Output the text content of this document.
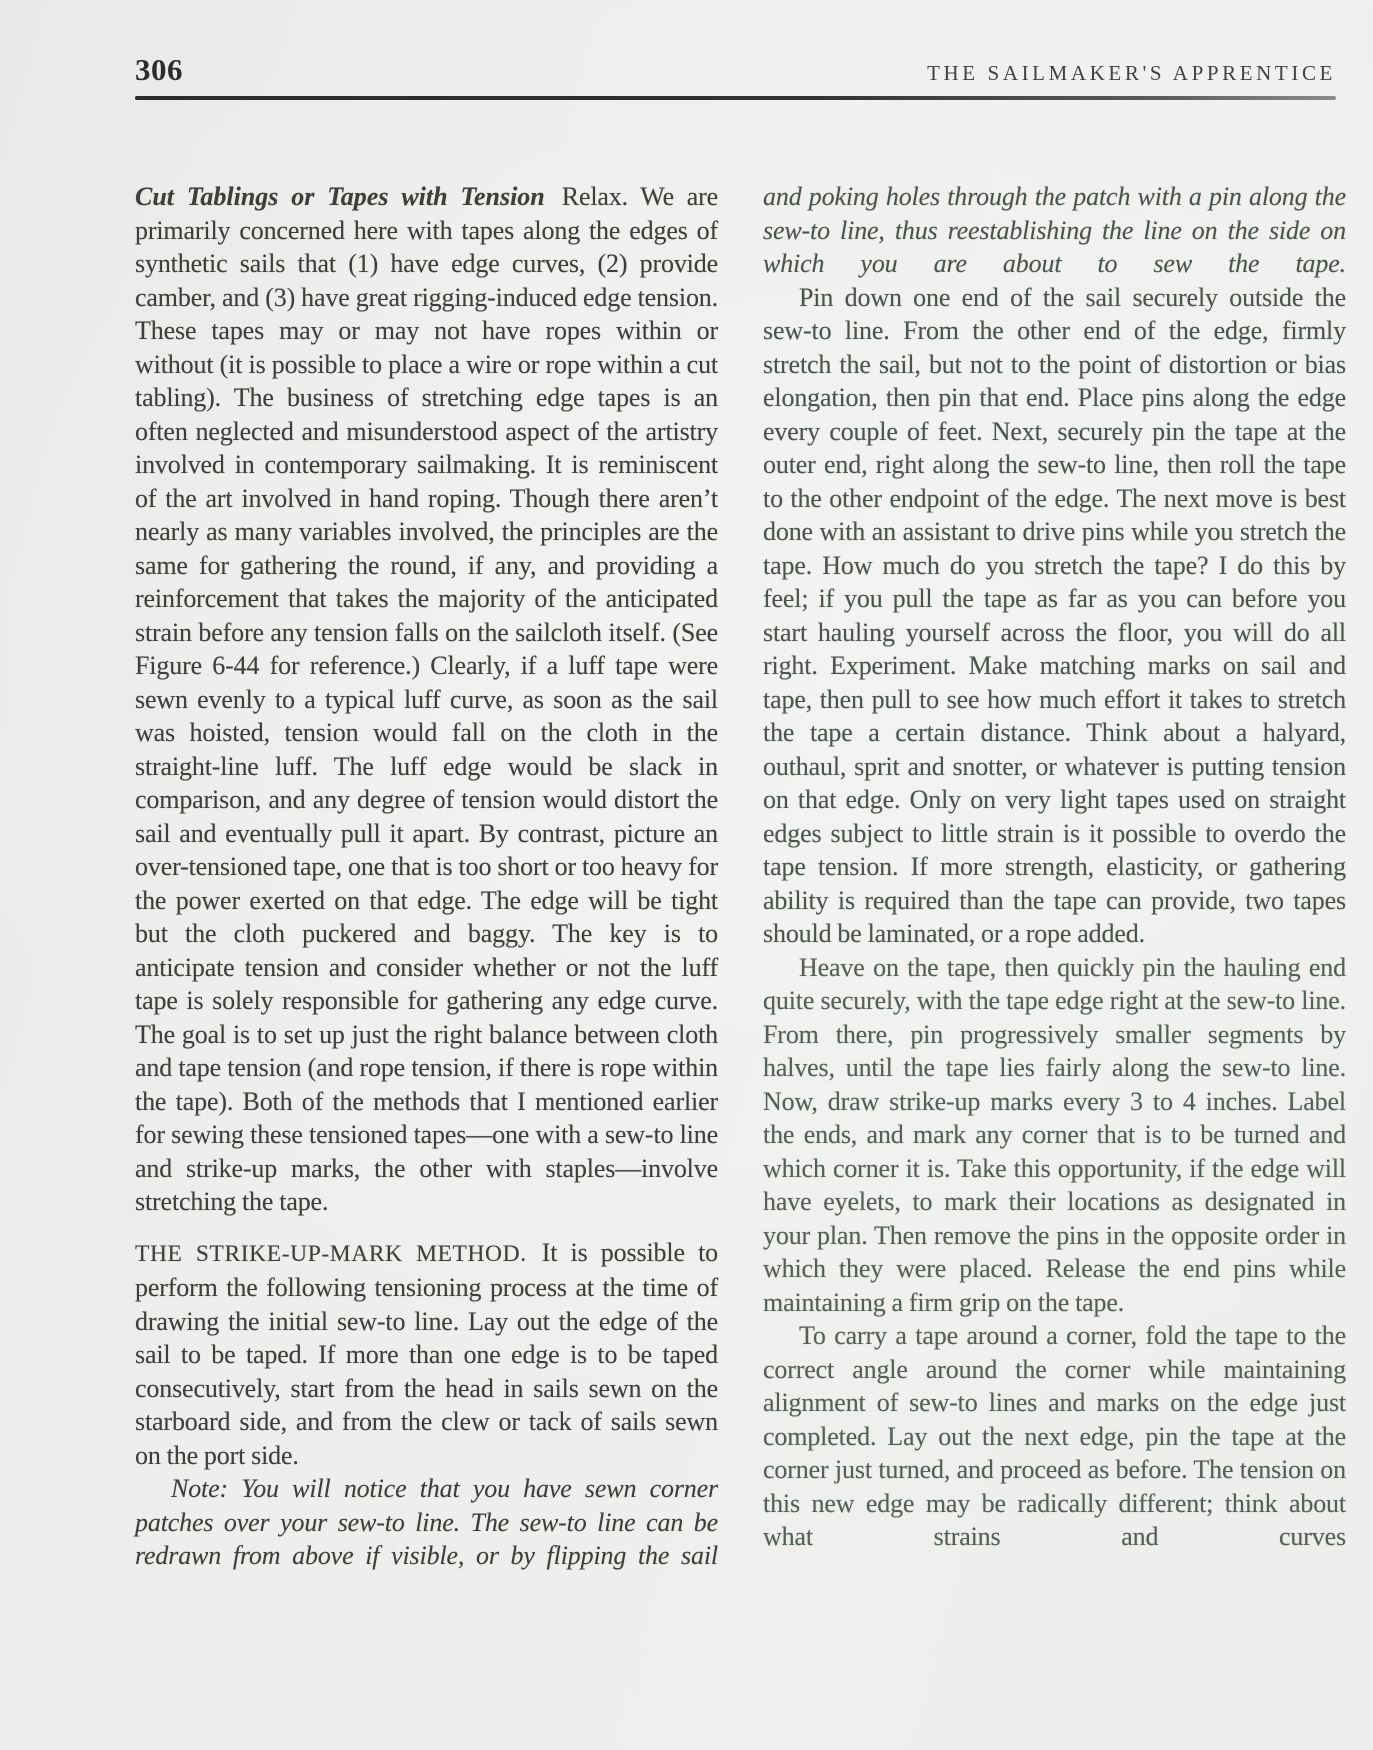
306	THE SAILMAKER'S APPRENTICE

Cut Tablings or Tapes with Tension Relax. We are primarily concerned here with tapes along the edges of synthetic sails that (1) have edge curves, (2) provide camber, and (3) have great rigging-induced edge tension. These tapes may or may not have ropes within or without (it is possible to place a wire or rope within a cut tabling). The business of stretching edge tapes is an often neglected and misunderstood aspect of the artistry involved in contemporary sailmaking. It is reminiscent of the art involved in hand roping. Though there aren’t nearly as many variables involved, the principles are the same for gathering the round, if any, and providing a reinforcement that takes the majority of the anticipated strain before any tension falls on the sailcloth itself. (See Figure 6-44 for reference.) Clearly, if a luff tape were sewn evenly to a typical luff curve, as soon as the sail was hoisted, tension would fall on the cloth in the straight-line luff. The luff edge would be slack in comparison, and any degree of tension would distort the sail and eventually pull it apart. By contrast, picture an over-tensioned tape, one that is too short or too heavy for the power exerted on that edge. The edge will be tight but the cloth puckered and baggy. The key is to anticipate tension and consider whether or not the luff tape is solely responsible for gathering any edge curve. The goal is to set up just the right balance between cloth and tape tension (and rope tension, if there is rope within the tape). Both of the methods that I mentioned earlier for sewing these tensioned tapes—one with a sew-to line and strike-up marks, the other with staples—involve stretching the tape.

THE STRIKE-UP-MARK METHOD. It is possible to perform the following tensioning process at the time of drawing the initial sew-to line. Lay out the edge of the sail to be taped. If more than one edge is to be taped consecutively, start from the head in sails sewn on the starboard side, and from the clew or tack of sails sewn on the port side.

Note: You will notice that you have sewn corner patches over your sew-to line. The sew-to line can be redrawn from above if visible, or by flipping the sail

and poking holes through the patch with a pin along the sew-to line, thus reestablishing the line on the side on which you are about to sew the tape.

Pin down one end of the sail securely outside the sew-to line. From the other end of the edge, firmly stretch the sail, but not to the point of distortion or bias elongation, then pin that end. Place pins along the edge every couple of feet. Next, securely pin the tape at the outer end, right along the sew-to line, then roll the tape to the other endpoint of the edge. The next move is best done with an assistant to drive pins while you stretch the tape. How much do you stretch the tape? I do this by feel; if you pull the tape as far as you can before you start hauling yourself across the floor, you will do all right. Experiment. Make matching marks on sail and tape, then pull to see how much effort it takes to stretch the tape a certain distance. Think about a halyard, outhaul, sprit and snotter, or whatever is putting tension on that edge. Only on very light tapes used on straight edges subject to little strain is it possible to overdo the tape tension. If more strength, elasticity, or gathering ability is required than the tape can provide, two tapes should be laminated, or a rope added.

Heave on the tape, then quickly pin the hauling end quite securely, with the tape edge right at the sew-to line. From there, pin progressively smaller segments by halves, until the tape lies fairly along the sew-to line. Now, draw strike-up marks every 3 to 4 inches. Label the ends, and mark any corner that is to be turned and which corner it is. Take this opportunity, if the edge will have eyelets, to mark their locations as designated in your plan. Then remove the pins in the opposite order in which they were placed. Release the end pins while maintaining a firm grip on the tape.

To carry a tape around a corner, fold the tape to the correct angle around the corner while maintaining alignment of sew-to lines and marks on the edge just completed. Lay out the next edge, pin the tape at the corner just turned, and proceed as before. The tension on this new edge may be radically different; think about what strains and curves
